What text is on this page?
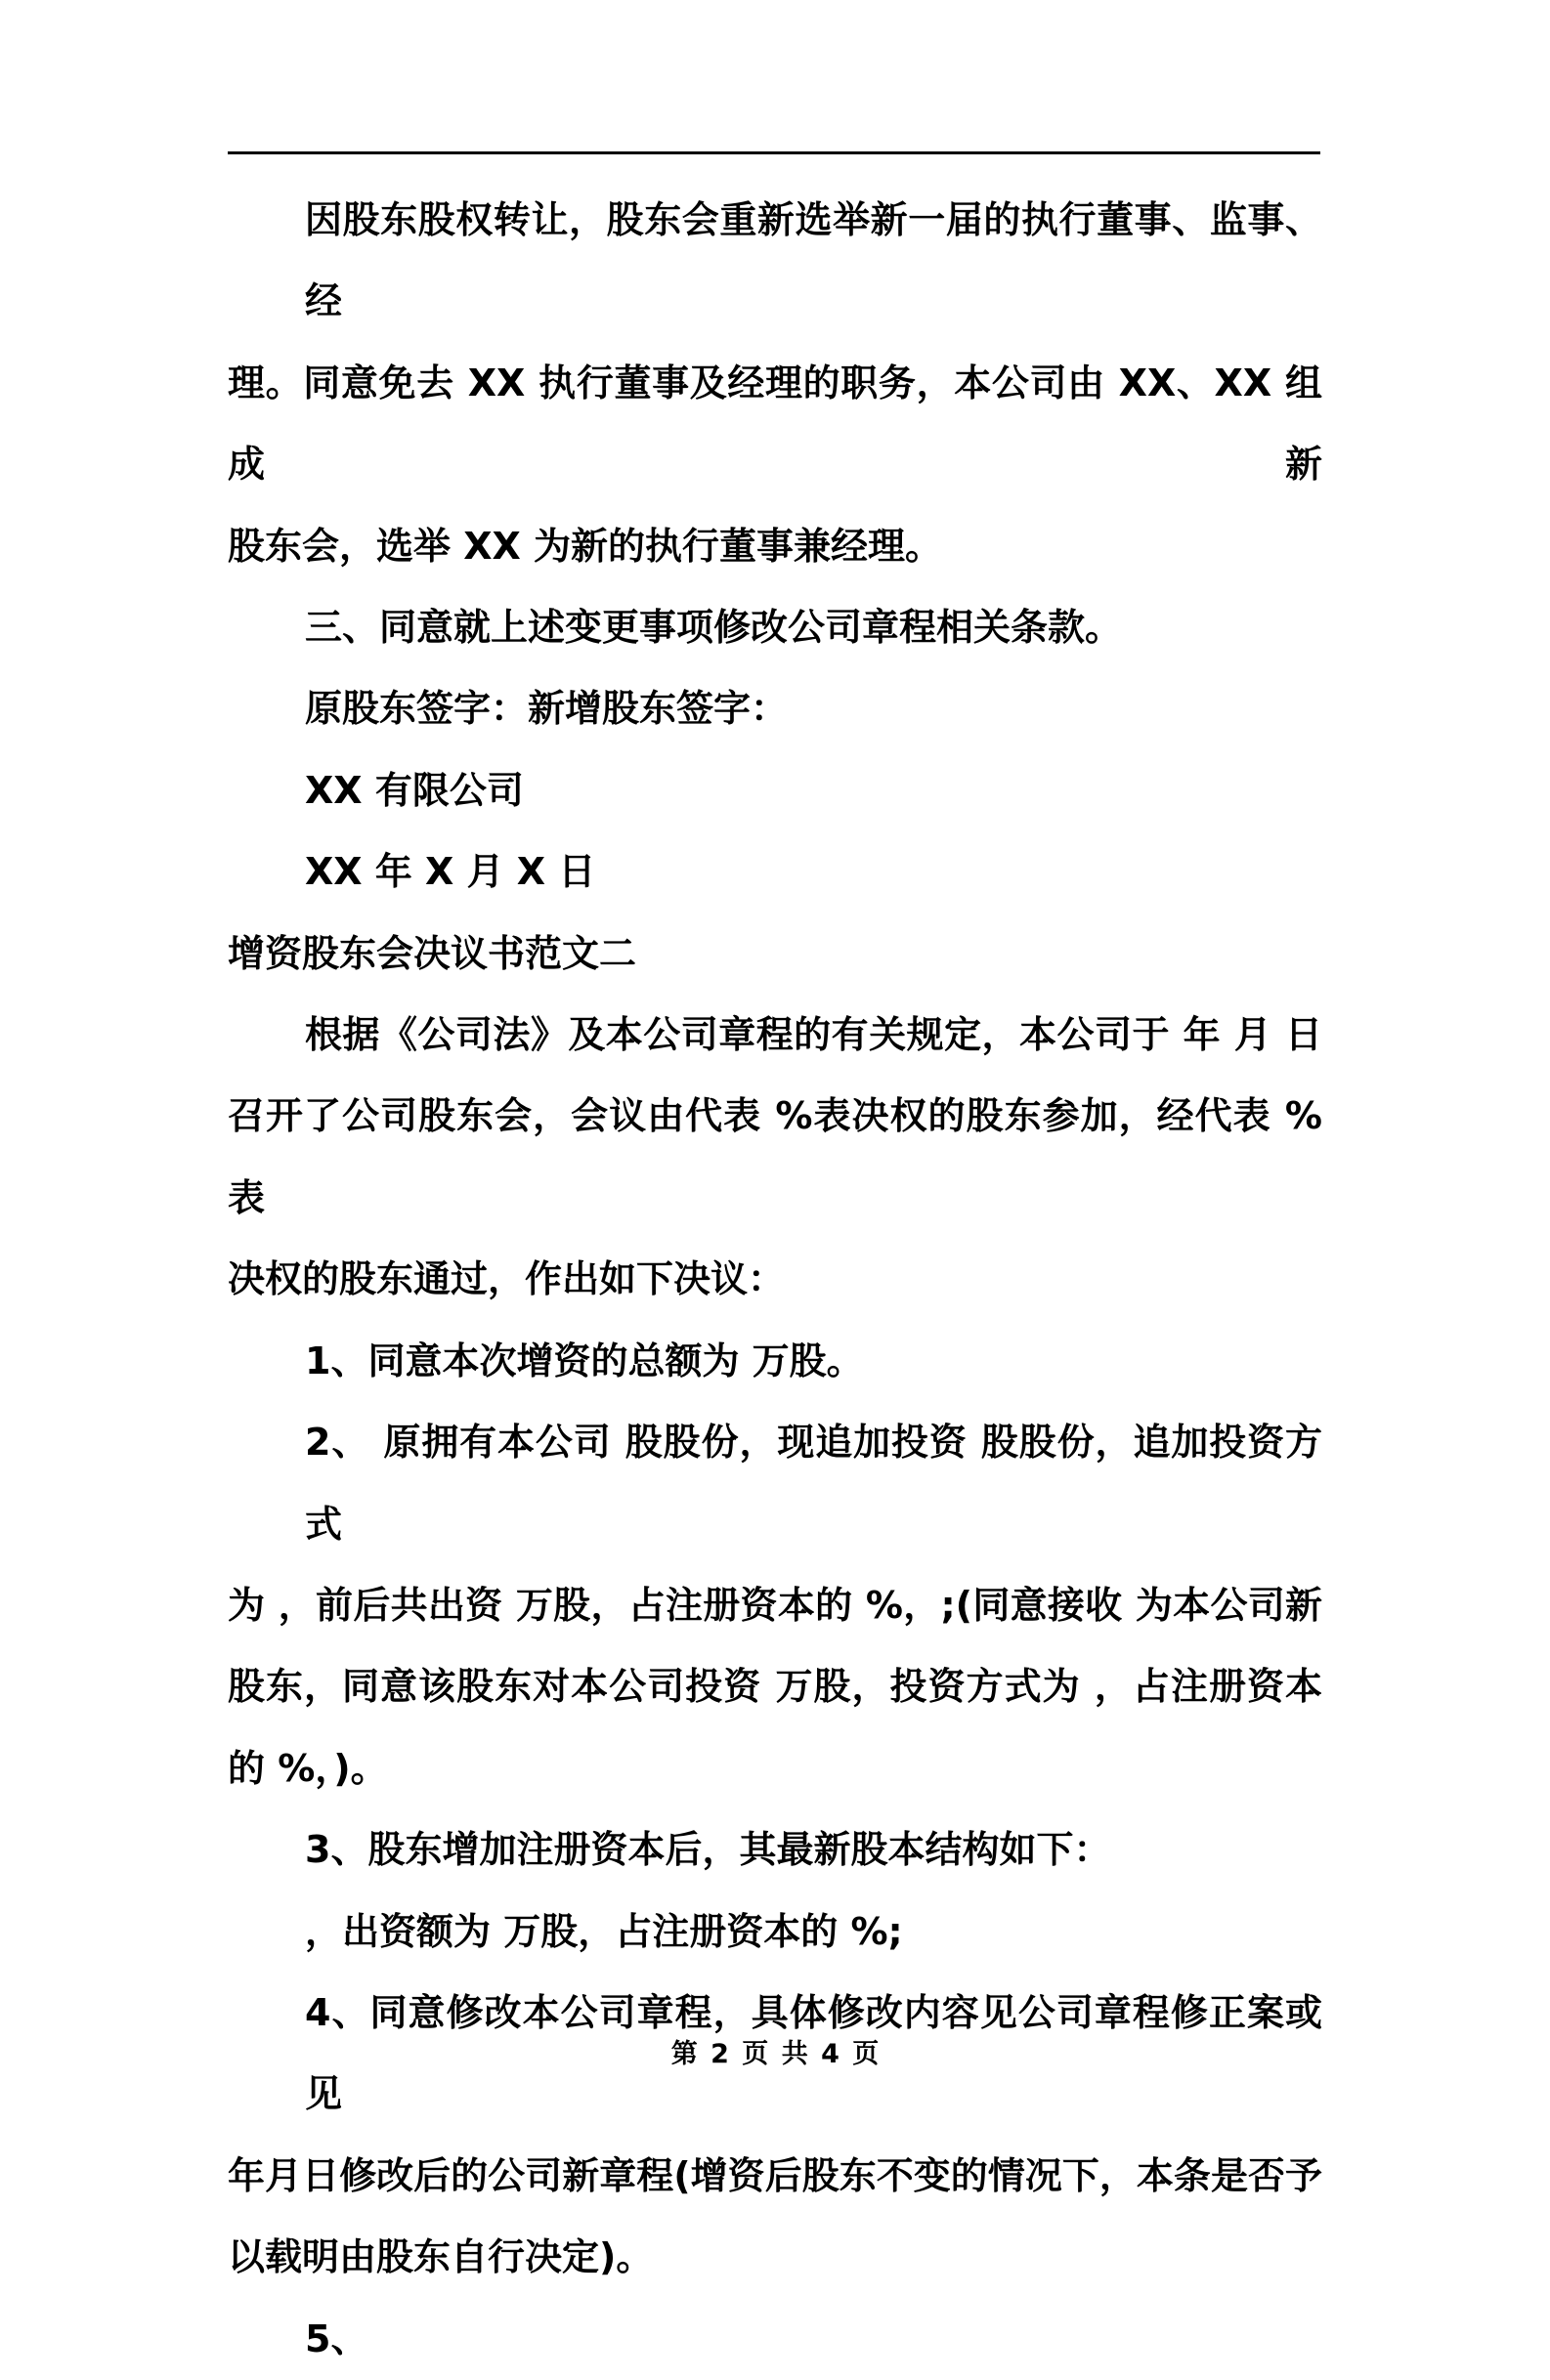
因股东股权转让，股东会重新选举新一届的执行董事、监事、经
理。同意免去 XX 执行董事及经理的职务，本公司由 XX、XX 组成新
股东会，选举 XX 为新的执行董事兼经理。
三、同意就上述变更事项修改公司章程相关条款。
原股东签字：新增股东签字：
XX 有限公司
XX 年 X 月 X 日
增资股东会决议书范文二
根据《公司法》及本公司章程的有关规定，本公司于 年 月 日
召开了公司股东会，会议由代表 %表决权的股东参加，经代表 %表
决权的股东通过，作出如下决议：
1、同意本次增资的总额为 万股。
2、 原拥有本公司 股股份，现追加投资 股股份，追加投资方式
为 ，前后共出资 万股，占注册资本的 %，;(同意接收 为本公司新
股东，同意该股东对本公司投资 万股，投资方式为 ，占注册资本
的 %，)。
3、股东增加注册资本后，其最新股本结构如下：
，出资额为 万股，占注册资本的 %;
4、同意修改本公司章程，具体修改内容见公司章程修正案或见
年月日修改后的公司新章程(增资后股东不变的情况下，本条是否予
以载明由股东自行决定)。
5、
第 2 页 共 4 页
